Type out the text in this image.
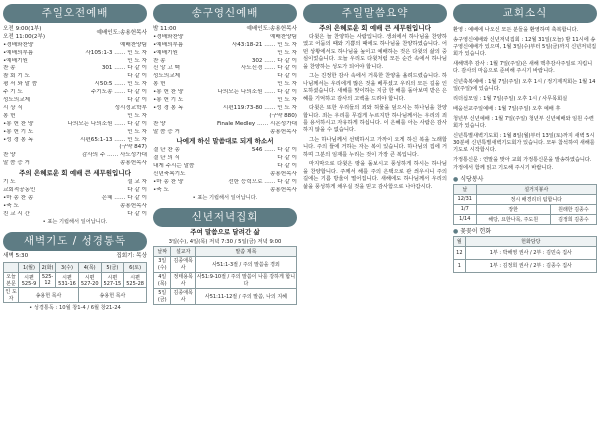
주일오전예배
오전 9:00(1부)
오전 11:00(2부)
예배인도:송용헌목사
•경배와찬양	예배찬양팀
•예배의부름	사105:1-3 …… 인 도 자
•예배기원	인 도 자
찬 송	301 …… 다 같 이
참 회 기 도	다 같 이
평 서 와 말 씀	시50:5 …… 인 도 자
주 기 도	주기도송 …… 다 같 이
성도의교제	다 같 이
시 상 식	성시정교학부
봉 헌	인 도 자
•봉 헌 찬 양	나의모든 나의소원 …… 다 같 이
•봉 헌 기 도	인 도 자
•성 경 봉 독	시편65:1-13 …… 인 도 자
(구약 847)
찬 양	감사의 주 …… 사도성가대
말 씀 증 거	송용헌목사
주의 은혜로운 회 예배 큰 세무원입니다
기 도	설 교 자
교회적공동인	다 같 이
•마 송 찬 송	은혜 …… 다 같 이
•축 도	송용헌목사
친 교 시 간	다 같 이
• 표는 기립해서 일어납니다.
새벽기도 / 성경통독
새벽 5:30	집회기: 목상
	1(월)	2(화)	3(수)	4(목)	5(금)	6(토)
오늘 본문	시편 525-9	525-12	시편 531-16	시편 527-20	시편 527-15	시편 525-28
인 도 자	송용헌 목사			송용헌 목사		
• 성경통독 : 10월 창1-4 / 6월 창21-24
송구영신예배
밤 11:00	예배인도:송용헌목사
•경배와찬양	예배찬양팀
•예배의부름	사43:18-21 …… 인 도 자
•예배기원	인 도 자
찬 송	302 …… 다 같 이
신 앙 고 백	사도신경 …… 다 같 이
성도의교제	다 같 이
봉 헌	인 도 자
•봉 헌 찬 양	나의모든 나의소원 …… 다 같 이
•봉 헌 기 도	인 도 자
•성 경 봉 독	시편119:73-80 …… 인 도 자
(구약 880)
찬 양	Finale Medley …… 시온성가대
말 씀 증 거	송용헌목사
나에게 하신 말씀대로 되게 하소서
결 단 찬 송	546 …… 다 같 이
결 단 의 식	다 같 이
내게 주시는 말씀	다 같 이
신년축복기도	송용헌목사
•마 송 찬 양	선한 능력으로 …… 다 같 이
•축 도	송용헌목사
• 표는 기립해서 일어납니다.
신년저녁집회
주여 말씀으로 달려간 삶
3일(수), 4일(목) 저녁 7:30 / 5일(금) 저녁 9:00
날짜	설교자	말씀 제목
3일(수)	김종애목사	사51:1-3절 / 주의 말씀을 경외
4일(목)	정태용목사	사51:9-10절 / 주의 말씀이 나를 강하게 합니다
5일(금)	김종애목사	사51:11-12절 / 주의 말씀, 나의 지혜
주일말씀요약
주의 은혜로운 회 예배 큰 세무원입니다

다윗은 늘 찬양하는 사람입니다. 생쇠에서 하나님을 찬양하였고 어둠의 때와 기쁨의 때에도 하나님을 찬양하였습니다. 어떤 상황에서도 하나님을 높이고 예배하는 것은 다윗의 삶의 중심이었습니다. 오늘 우리도 다윗처럼 모든 순간 속에서 하나님을 찬양하는 성도가 되어야 합니다.

그는 진정한 감사 속에서 거룩한 찬양을 올려드렸습니다. 하나님께서는 우리에게 많은 것을 베푸셨고 우리의 모든 길을 인도하셨습니다. 새해를 맞이하는 지금 한 해를 돌아보며 받은 은혜를 기억하고 감사의 고백을 드려야 합니다.

다윗은 또한 우리들의 죄와 허물을 덮으시는 하나님을 찬양합니다. 죄는 우리를 무겁게 누르지만 하나님께서는 우리의 죄를 용서하시고 자유하게 하십니다. 이 은혜를 아는 사람은 감사하지 않을 수 없습니다.

그는 하나님께서 선택하시고 가까이 오게 하신 복을 노래합니다. 주의 뜰에 거하는 자는 복이 있습니다. 하나님의 집에 거하며 그분의 임재를 누리는 것이 가장 큰 복입니다.

마지막으로 다윗은 땅을 돌보시고 풍성하게 하시는 하나님을 찬양합니다. 주께서 해를 주의 은택으로 관 씌우시니 주의 길에는 기름 방울이 떨어집니다. 새해에도 하나님께서 우리의 삶을 풍성하게 채우실 것을 믿고 감사함으로 나아갑시다.

교회소식

환영 : 예배에 나오신 모든 분들을 환영하며 축복합니다.

송구영신예배와 신년저녁집회 : 12월 31일(오늘) 밤 11시에 송구영신예배가 있으며, 1월 3일(수)부터 5일(금)까지 신년저녁집회가 있습니다.

새해맥추 감사 : 1월 7일(주일)은 새해 맥추감사주일로 지킵니다. 감사의 마음으로 준비해 주시기 바랍니다.

신년축복예배 : 1월 7일(주일) 오후 1시 / 정기제직회는 1월 14일(주일)에 있습니다.

리더십모임 : 1월 7일(주일) 오후 1시 / 사무목회실

배움선교주일예배 : 1월 7일(주일) 오후 예배 후

청년부 신년예배 : 1월 7일(주일) 청년부 신년예배와 임원 수련회가 있습니다.

신년특별새벽기도회 : 1월 8일(월)부터 13일(토)까지 새벽 5시 30분에 신년특별새벽기도회가 있습니다. 모두 참석하여 새해를 기도로 시작합시다.

가정통신문 : 연말을 맞아 교회 가정통신문을 발송하였습니다. 가정에서 함께 읽고 기도해 주시기 바랍니다.

● 식당봉사
날	설거지봉사	
12/31	정시 배경리더 팀합니다	
1/7	장한	원래한 김종수
1/14	해당, 요한나목, 주도원	김정희 김종수
● 꽃꽂이 헌화
월	헌화담당
12	1부 : 박해영 권사 / 2부 : 김민숙 집사
1	1부 : 김정희 권사 / 2부 : 김종수 집사
